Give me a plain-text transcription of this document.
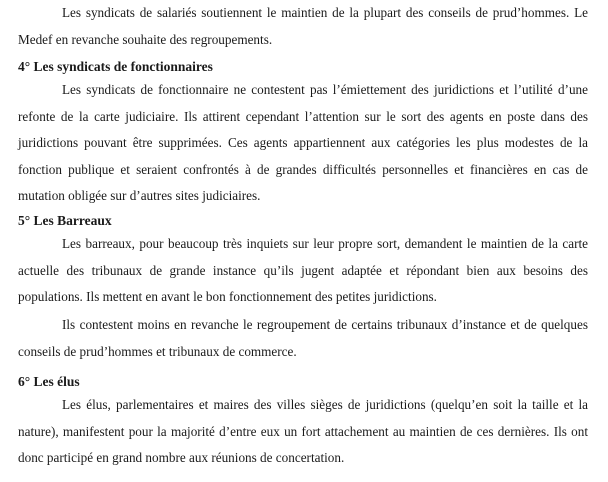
Les syndicats de salariés soutiennent le maintien de la plupart des conseils de prud’hommes. Le Medef en revanche souhaite des regroupements.

4° Les syndicats de fonctionnaires

Les syndicats de fonctionnaire ne contestent pas l’émiettement des juridictions et l’utilité d’une refonte de la carte judiciaire. Ils attirent cependant l’attention sur le sort des agents en poste dans des juridictions pouvant être supprimées. Ces agents appartiennent aux catégories les plus modestes de la fonction publique et seraient confrontés à de grandes difficultés personnelles et financières en cas de mutation obligée sur d’autres sites judiciaires.

5° Les Barreaux

Les barreaux, pour beaucoup très inquiets sur leur propre sort, demandent le maintien de la carte actuelle des tribunaux de grande instance qu’ils jugent adaptée et répondant bien aux besoins des populations. Ils mettent en avant le bon fonctionnement des petites juridictions.

Ils contestent moins en revanche le regroupement de certains tribunaux d’instance et de quelques conseils de prud’hommes et tribunaux de commerce.

6° Les élus

Les élus, parlementaires et maires des villes sièges de juridictions (quelqu’en soit la taille et la nature), manifestent pour la majorité d’entre eux un fort attachement au maintien de ces dernières. Ils ont donc participé en grand nombre aux réunions de concertation.
